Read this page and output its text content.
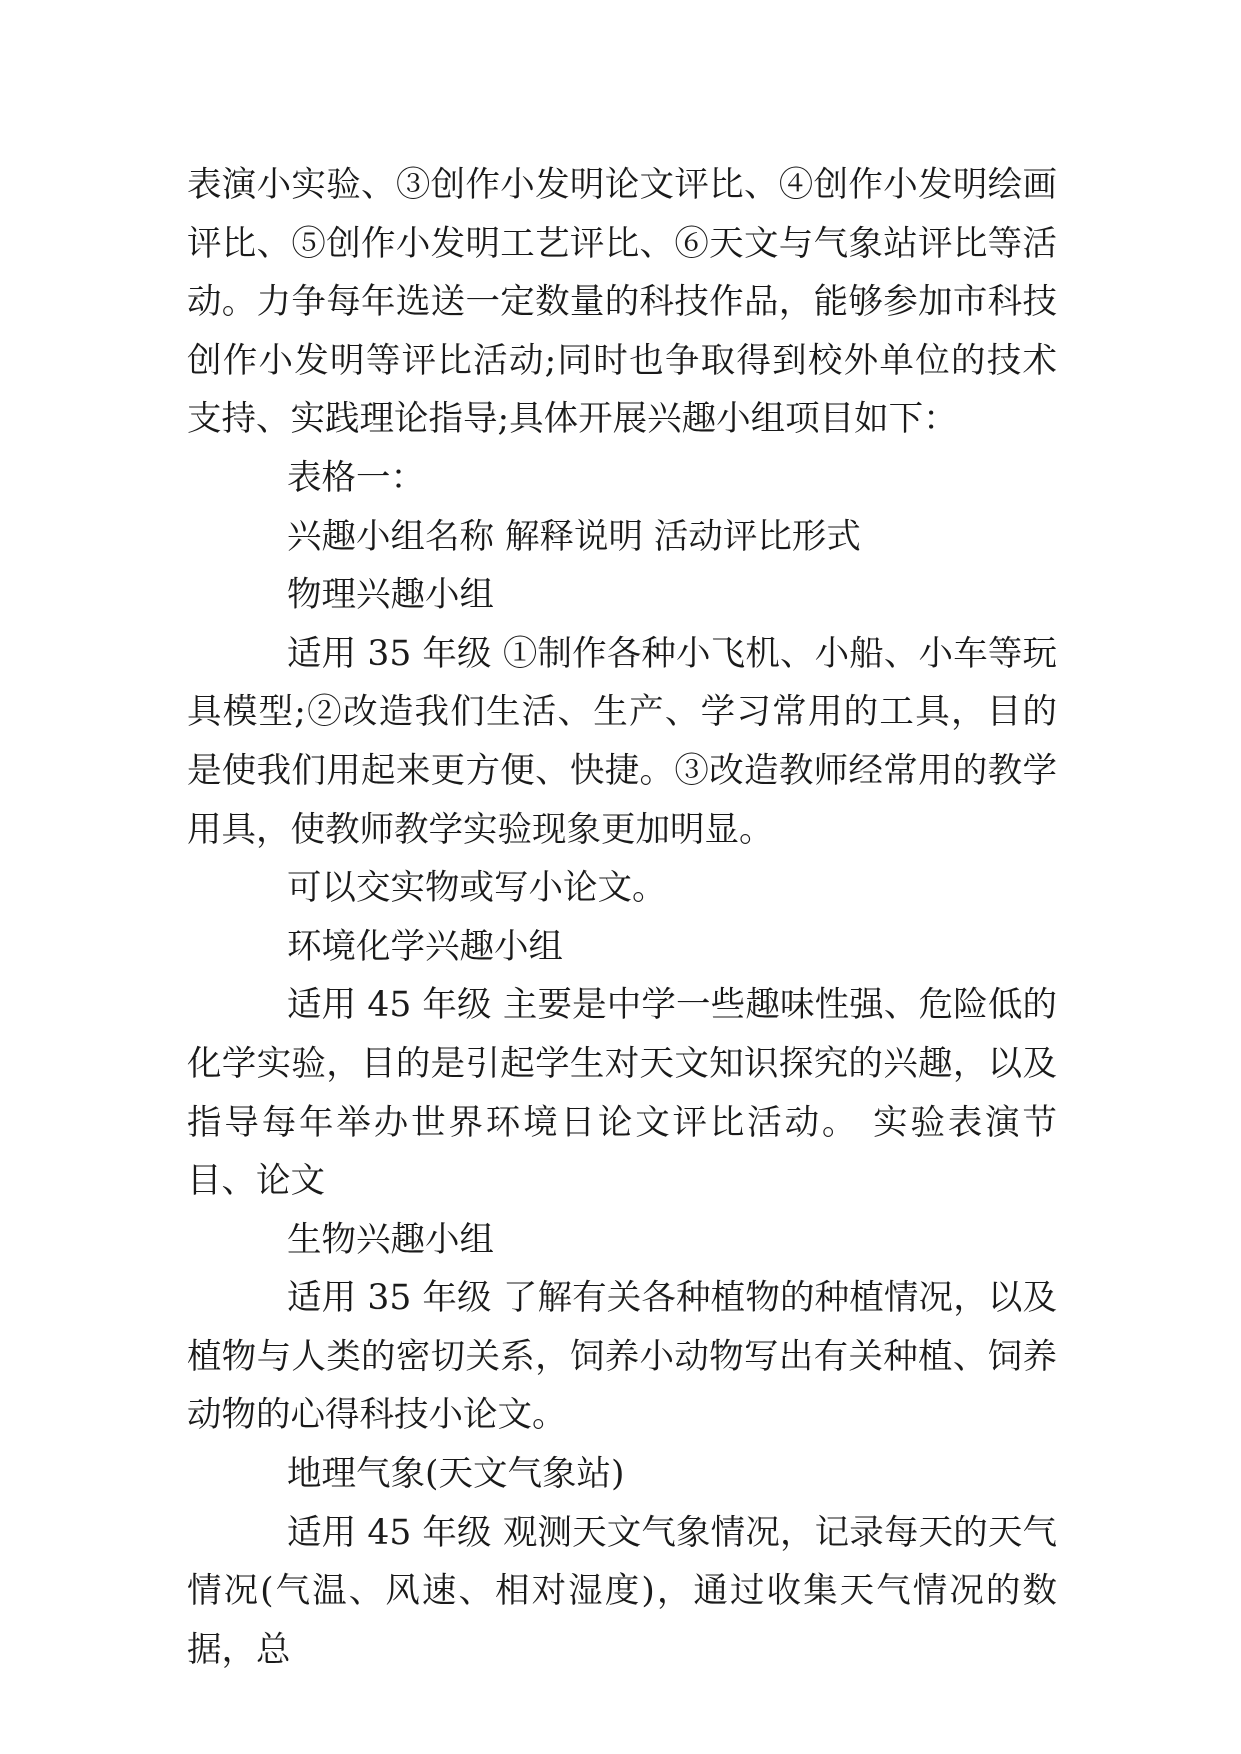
表演小实验、③创作小发明论文评比、④创作小发明绘画评比、⑤创作小发明工艺评比、⑥天文与气象站评比等活动。力争每年选送一定数量的科技作品，能够参加市科技创作小发明等评比活动;同时也争取得到校外单位的技术支持、实践理论指导;具体开展兴趣小组项目如下：

表格一：

兴趣小组名称 解释说明 活动评比形式

物理兴趣小组

适用 35 年级 ①制作各种小飞机、小船、小车等玩具模型;②改造我们生活、生产、学习常用的工具，目的是使我们用起来更方便、快捷。③改造教师经常用的教学用具，使教师教学实验现象更加明显。

可以交实物或写小论文。

环境化学兴趣小组

适用 45 年级 主要是中学一些趣味性强、危险低的化学实验，目的是引起学生对天文知识探究的兴趣，以及指导每年举办世界环境日论文评比活动。 实验表演节目、论文

生物兴趣小组

适用 35 年级 了解有关各种植物的种植情况，以及植物与人类的密切关系，饲养小动物写出有关种植、饲养动物的心得科技小论文。

地理气象(天文气象站)

适用 45 年级 观测天文气象情况，记录每天的天气情况(气温、风速、相对湿度)，通过收集天气情况的数据，总
